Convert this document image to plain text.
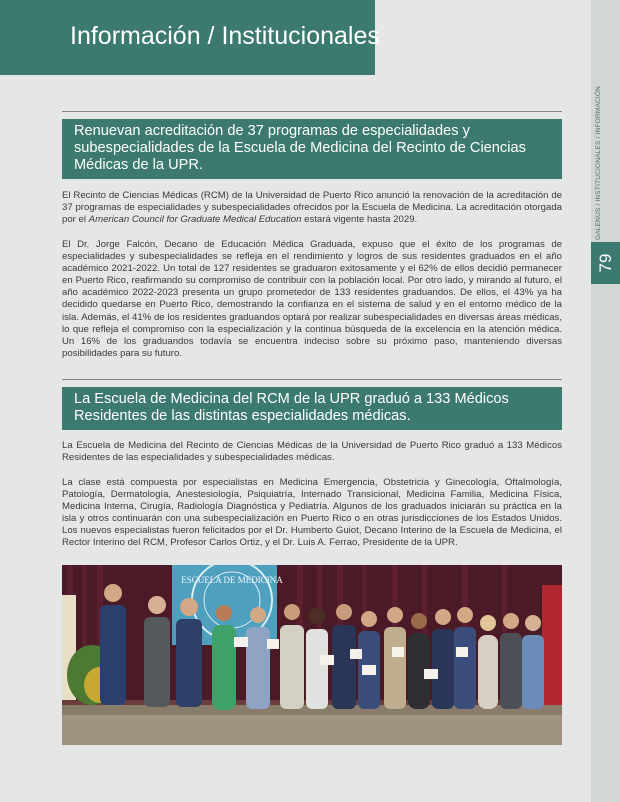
Información / Institucionales
GALENUS / INSTITUCIONALES / INFORMACIÓN
79
Renuevan acreditación de 37 programas de especialidades y subespecialidades de la Escuela de Medicina del Recinto de Ciencias Médicas de la UPR.

El Recinto de Ciencias Médicas (RCM) de la Universidad de Puerto Rico anunció la renovación de la acreditación de 37 programas de especialidades y subespecialidades ofrecidos por la Escuela de Medicina. La acreditación otorgada por el American Council for Graduate Medical Education estará vigente hasta 2029.

El Dr. Jorge Falcón, Decano de Educación Médica Graduada, expuso que el éxito de los programas de especialidades y subespecialidades se refleja en el rendimiento y logros de sus residentes graduados en el año académico 2021-2022. Un total de 127 residentes se graduaron exitosamente y el 62% de ellos decidió permanecer en Puerto Rico, reafirmando su compromiso de contribuir con la población local. Por otro lado, y mirando al futuro, el año académico 2022-2023 presenta un grupo prometedor de 133 residentes graduandos. De ellos, el 43% ya ha decidido quedarse en Puerto Rico, demostrando la confianza en el sistema de salud y en el entorno médico de la isla. Además, el 41% de los residentes graduandos optará por realizar subespecialidades en diversas áreas médicas, lo que refleja el compromiso con la especialización y la continua búsqueda de la excelencia en la atención médica. Un 16% de los graduandos todavía se encuentra indeciso sobre su próximo paso, manteniendo diversas posibilidades para su futuro.

La Escuela de Medicina del RCM de la UPR graduó a 133 Médicos Residentes de las distintas especialidades médicas.

La Escuela de Medicina del Recinto de Ciencias Médicas de la Universidad de Puerto Rico graduó a 133 Médicos Residentes de las especialidades y subespecialidades médicas.

La clase está compuesta por especialistas en Medicina Emergencia, Obstetricia y Ginecología, Oftalmología, Patología, Dermatología, Anestesiología, Psiquiatría, Internado Transicional, Medicina Familia, Medicina Física, Medicina Interna, Cirugía, Radiología Diagnóstica y Pediatría. Algunos de los graduados iniciarán su práctica en la isla y otros continuarán con una subespecialización en Puerto Rico o en otras jurisdicciones de los Estados Unidos. Los nuevos especialistas fueron felicitados por el Dr. Humberto Guiot, Decano Interino de la Escuela de Medicina, el Rector Interino del RCM, Profesor Carlos Ortiz, y el Dr. Luis A. Ferrao, Presidente de la UPR.

ESCUELA DE MEDICINA
